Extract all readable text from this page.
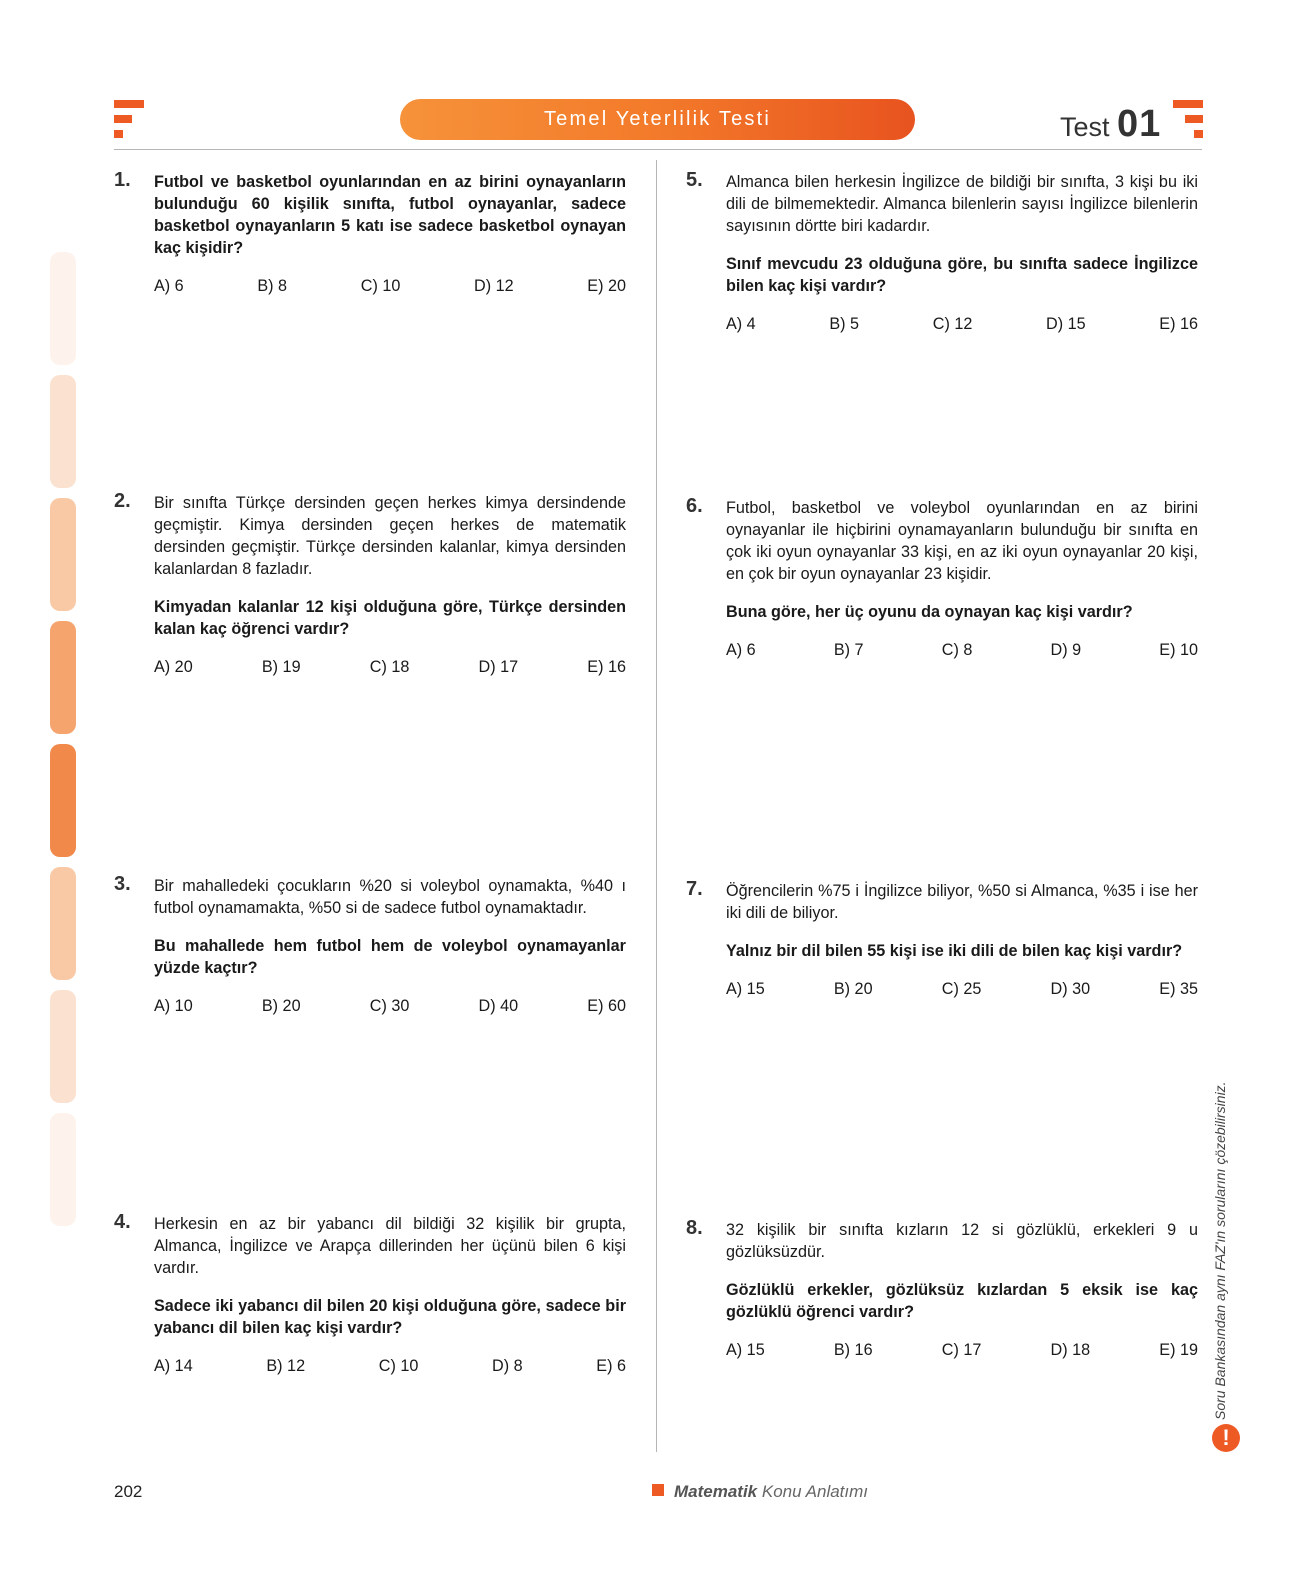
Temel Yeterlilik Testi	Test 01
1. Futbol ve basketbol oyunlarından en az birini oynayanların bulunduğu 60 kişilik sınıfta, futbol oynayanlar, sadece basketbol oynayanların 5 katı ise sadece basketbol oynayan kaç kişidir?

A) 6	B) 8	C) 10	D) 12	E) 20
2. Bir sınıfta Türkçe dersinden geçen herkes kimya dersindende geçmiştir. Kimya dersinden geçen herkes de matematik dersinden geçmiştir. Türkçe dersinden kalanlar, kimya dersinden kalanlardan 8 fazladır.

Kimyadan kalanlar 12 kişi olduğuna göre, Türkçe dersinden kalan kaç öğrenci vardır?

A) 20	B) 19	C) 18	D) 17	E) 16
3. Bir mahalledeki çocukların %20 si voleybol oynamakta, %40 ı futbol oynamamakta, %50 si de sadece futbol oynamaktadır.

Bu mahallede hem futbol hem de voleybol oynamayanlar yüzde kaçtır?

A) 10	B) 20	C) 30	D) 40	E) 60
4. Herkesin en az bir yabancı dil bildiği 32 kişilik bir grupta, Almanca, İngilizce ve Arapça dillerinden her üçünü bilen 6 kişi vardır.

Sadece iki yabancı dil bilen 20 kişi olduğuna göre, sadece bir yabancı dil bilen kaç kişi vardır?

A) 14	B) 12	C) 10	D) 8	E) 6
5. Almanca bilen herkesin İngilizce de bildiği bir sınıfta, 3 kişi bu iki dili de bilmemektedir. Almanca bilenlerin sayısı İngilizce bilenlerin sayısının dörtte biri kadardır.

Sınıf mevcudu 23 olduğuna göre, bu sınıfta sadece İngilizce bilen kaç kişi vardır?

A) 4	B) 5	C) 12	D) 15	E) 16
6. Futbol, basketbol ve voleybol oyunlarından en az birini oynayanlar ile hiçbirini oynamayanların bulunduğu bir sınıfta en çok iki oyun oynayanlar 33 kişi, en az iki oyun oynayanlar 20 kişi, en çok bir oyun oynayanlar 23 kişidir.

Buna göre, her üç oyunu da oynayan kaç kişi vardır?

A) 6	B) 7	C) 8	D) 9	E) 10
7. Öğrencilerin %75 i İngilizce biliyor, %50 si Almanca, %35 i ise her iki dili de biliyor.

Yalnız bir dil bilen 55 kişi ise iki dili de bilen kaç kişi vardır?

A) 15	B) 20	C) 25	D) 30	E) 35
8. 32 kişilik bir sınıfta kızların 12 si gözlüklü, erkekleri 9 u gözlüksüzdür.

Gözlüklü erkekler, gözlüksüz kızlardan 5 eksik ise kaç gözlüklü öğrenci vardır?

A) 15	B) 16	C) 17	D) 18	E) 19 Soru Bankasından aynı FAZ'ın sorularını çözebilirsiniz.
!
202	Matematik Konu Anlatımı
